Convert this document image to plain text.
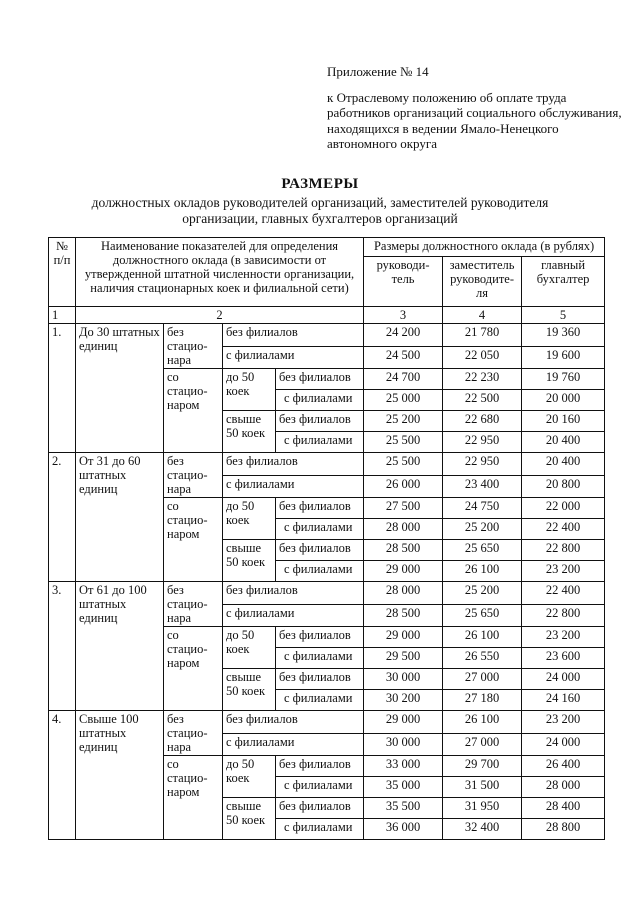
Приложение № 14
к Отраслевому положению об оплате труда работников организаций социального обслуживания, находящихся в ведении Ямало-Ненецкого автономного округа
РАЗМЕРЫ
должностных окладов руководителей организаций, заместителей руководителя организации, главных бухгалтеров организаций
№ п/п	Наименование показателей для определения должностного оклада (в зависимости от утвержденной штатной численности организации, наличия стационарных коек и филиальной сети)				Размеры должностного оклада (в рублях)		
					руководи-тель	заместитель руководите-ля	главный бухгалтер
1	2				3	4	5
1.	До 30 штатных единиц	без стацио-нара	без филиалов		24 200	21 780	19 360
			с филиалами		24 500	22 050	19 600
		со стацио-наром	до 50 коек	без филиалов	24 700	22 230	19 760
				с филиалами	25 000	22 500	20 000
			свыше 50 коек	без филиалов	25 200	22 680	20 160
				с филиалами	25 500	22 950	20 400
2.	От 31 до 60 штатных единиц	без стацио-нара	без филиалов		25 500	22 950	20 400
			с филиалами		26 000	23 400	20 800
		со стацио-наром	до 50 коек	без филиалов	27 500	24 750	22 000
				с филиалами	28 000	25 200	22 400
			свыше 50 коек	без филиалов	28 500	25 650	22 800
				с филиалами	29 000	26 100	23 200
3.	От 61 до 100 штатных единиц	без стацио-нара	без филиалов		28 000	25 200	22 400
			с филиалами		28 500	25 650	22 800
		со стацио-наром	до 50 коек	без филиалов	29 000	26 100	23 200
				с филиалами	29 500	26 550	23 600
			свыше 50 коек	без филиалов	30 000	27 000	24 000
				с филиалами	30 200	27 180	24 160
4.	Свыше 100 штатных единиц	без стацио-нара	без филиалов		29 000	26 100	23 200
			с филиалами		30 000	27 000	24 000
		со стацио-наром	до 50 коек	без филиалов	33 000	29 700	26 400
				с филиалами	35 000	31 500	28 000
			свыше 50 коек	без филиалов	35 500	31 950	28 400
				с филиалами	36 000	32 400	28 800
